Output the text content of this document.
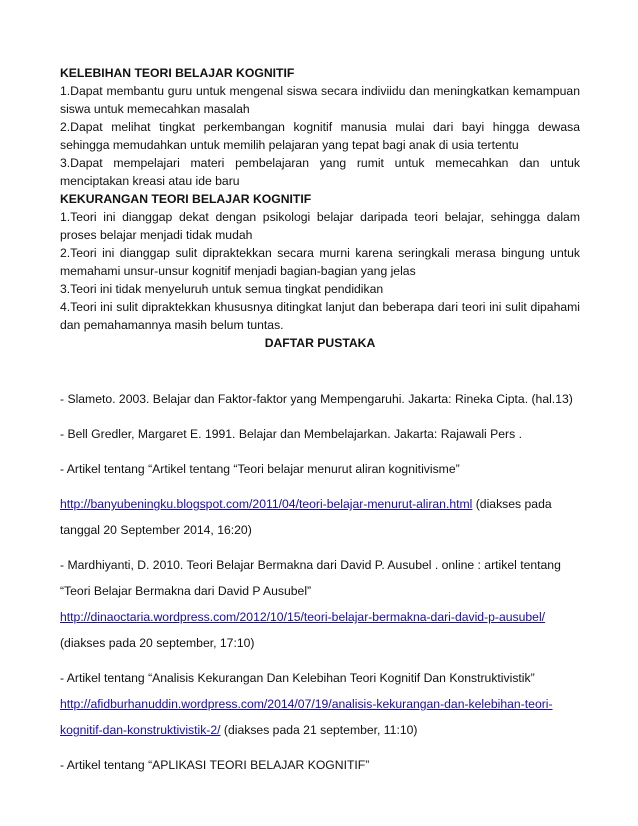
KELEBIHAN TEORI BELAJAR KOGNITIF

1.Dapat membantu guru untuk mengenal siswa secara indiviidu dan meningkatkan kemampuan siswa untuk memecahkan masalah

2.Dapat melihat tingkat perkembangan kognitif manusia mulai dari bayi hingga dewasa sehingga memudahkan untuk memilih pelajaran yang tepat bagi anak di usia tertentu

3.Dapat mempelajari materi pembelajaran yang rumit untuk memecahkan dan untuk menciptakan kreasi atau ide baru

KEKURANGAN TEORI BELAJAR KOGNITIF

1.Teori ini dianggap dekat dengan psikologi belajar daripada teori belajar, sehingga dalam proses belajar menjadi tidak mudah

2.Teori ini dianggap sulit dipraktekkan secara murni karena seringkali merasa bingung untuk memahami unsur-unsur kognitif menjadi bagian-bagian yang jelas

3.Teori ini tidak menyeluruh untuk semua tingkat pendidikan

4.Teori ini sulit dipraktekkan khususnya ditingkat lanjut dan beberapa dari teori ini sulit dipahami dan pemahamannya masih belum tuntas.

DAFTAR PUSTAKA

- Slameto. 2003. Belajar dan Faktor-faktor yang Mempengaruhi. Jakarta: Rineka Cipta. (hal.13)

- Bell Gredler, Margaret E. 1991. Belajar dan Membelajarkan. Jakarta: Rajawali Pers .

- Artikel tentang “Artikel tentang “Teori belajar menurut aliran kognitivisme”

http://banyubeningku.blogspot.com/2011/04/teori-belajar-menurut-aliran.html (diakses pada tanggal 20 September 2014, 16:20)

- Mardhiyanti, D. 2010. Teori Belajar Bermakna dari David P. Ausubel . online : artikel tentang “Teori Belajar Bermakna dari David P Ausubel” http://dinaoctaria.wordpress.com/2012/10/15/teori-belajar-bermakna-dari-david-p-ausubel/ (diakses pada 20 september, 17:10)

- Artikel tentang “Analisis Kekurangan Dan Kelebihan Teori Kognitif Dan Konstruktivistik” http://afidburhanuddin.wordpress.com/2014/07/19/analisis-kekurangan-dan-kelebihan-teori-kognitif-dan-konstruktivistik-2/ (diakses pada 21 september, 11:10)

- Artikel tentang “APLIKASI TEORI BELAJAR KOGNITIF”
